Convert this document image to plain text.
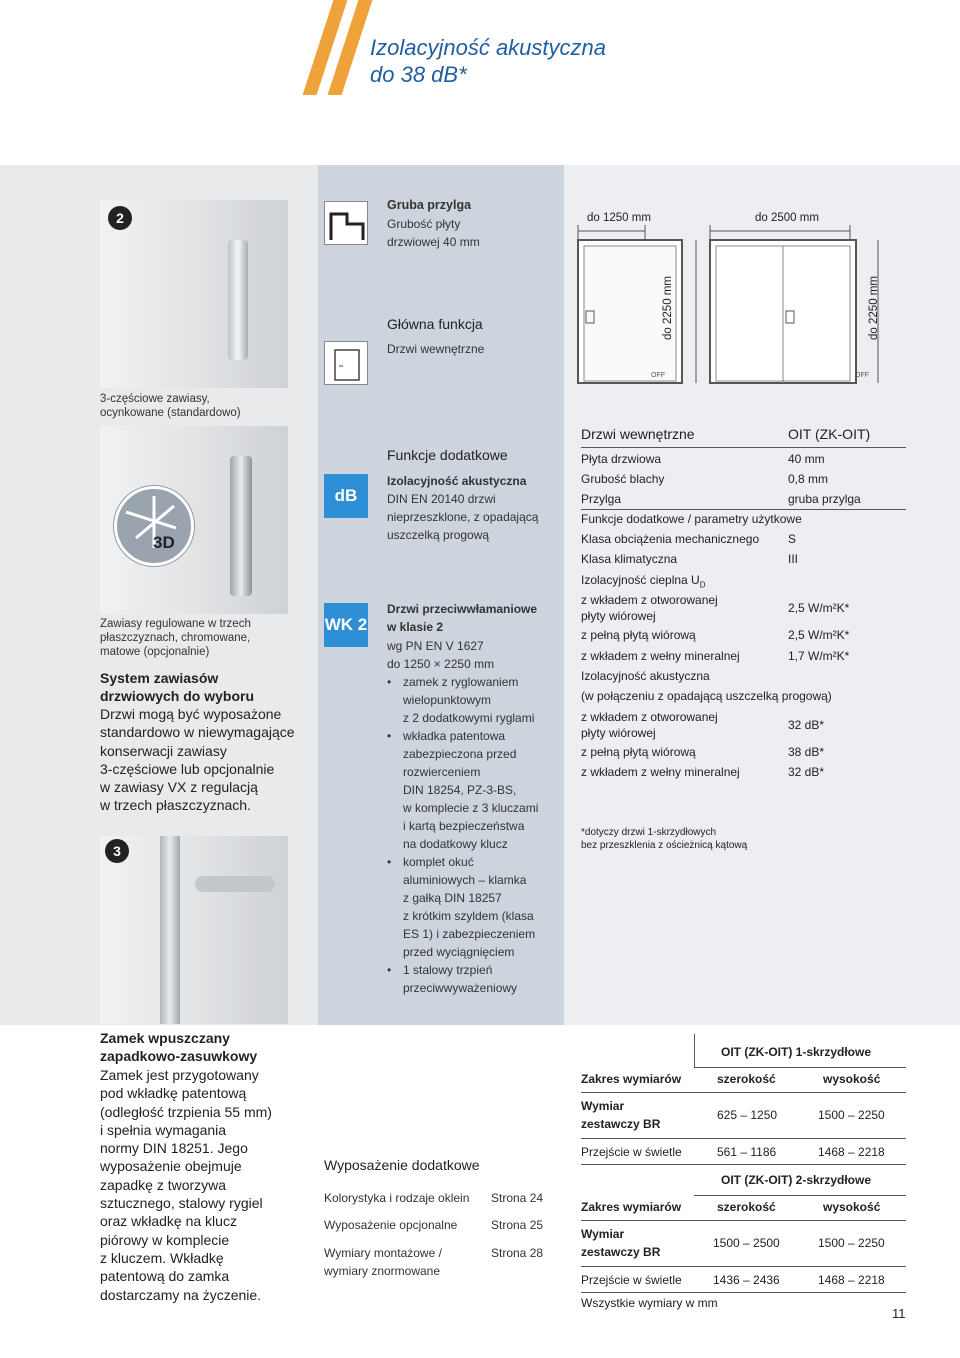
Izolacyjność akustyczna
do 38 dB*
2
3-częściowe zawiasy,
ocynkowane (standardowo)
3D
Zawiasy regulowane w trzech
płaszczyznach, chromowane,
matowe (opcjonalnie)
System zawiasów
drzwiowych do wyboru
Drzwi mogą być wyposażone
standardowo w niewymagające
konserwacji zawiasy
3-częściowe lub opcjonalnie
w zawiasy VX z regulacją
w trzech płaszczyznach.
3
Zamek wpuszczany
zapadkowo-zasuwkowy
Zamek jest przygotowany
pod wkładkę patentową
(odległość trzpienia 55 mm)
i spełnia wymagania
normy DIN 18251. Jego
wyposażenie obejmuje
zapadkę z tworzywa
sztucznego, stalowy rygiel
oraz wkładkę na klucz
piórowy w komplecie
z kluczem. Wkładkę
patentową do zamka
dostarczamy na życzenie.
Gruba przylga
Grubość płyty
drzwiowej 40 mm
Główna funkcja
Drzwi wewnętrzne
Funkcje dodatkowe
dB
Izolacyjność akustyczna
DIN EN 20140 drzwi
nieprzeszklone, z opadającą
uszczelką progową
WK 2
Drzwi przeciwwłamaniowe
w klasie 2
wg PN EN V 1627
do 1250 × 2250 mm
• zamek z ryglowaniem
wielopunktowym
z 2 dodatkowymi ryglami
• wkładka patentowa
zabezpieczona przed
rozwierceniem
DIN 18254, PZ-3-BS,
w komplecie z 3 kluczami
i kartą bezpieczeństwa
na dodatkowy klucz
• komplet okuć
aluminiowych – klamka
z gałką DIN 18257
z krótkim szyldem (klasa
ES 1) i zabezpieczeniem
przed wyciągnięciem
• 1 stalowy trzpień
przeciwwyważeniowy
Wyposażenie dodatkowe
Kolorystyka i rodzaje oklein Strona 24
Wyposażenie opcjonalne	Strona 25
Wymiary montażowe /
wymiary znormowane
Strona 28
do 1250 mm	do 2500 mm
do 2250 mm	do 2250 mm
OFF	OFF
Drzwi wewnętrzne	OIT (ZK-OIT)
Płyta drzwiowa	40 mm
Grubość blachy	0,8 mm
Przylga	gruba przylga
Funkcje dodatkowe / parametry użytkowe
Klasa obciążenia mechanicznego S
Klasa klimatyczna	III
Izolacyjność cieplna $U_D$
z wkładem z otworowanej
płyty wiórowej
2,5 W/m²K*
z pełną płytą wiórową	2,5 W/m²K*
z wkładem z wełny mineralnej	1,7 W/m²K*
Izolacyjność akustyczna
(w połączeniu z opadającą uszczelką progową)
z wkładem z otworowanej
płyty wiórowej
32 dB*
z pełną płytą wiórową	38 dB*
z wkładem z wełny mineralnej	32 dB*
*dotyczy drzwi 1-skrzydłowych
bez przeszklenia z ościeżnicą kątową
OIT (ZK-OIT) 1-skrzydłowe
Zakres wymiarów	szerokość	wysokość
Wymiar
zestawczy BR
625 – 1250	1500 – 2250
Przejście w świetle	561 – 1186	1468 – 2218
OIT (ZK-OIT) 2-skrzydłowe
Zakres wymiarów	szerokość	wysokość
Wymiar
zestawczy BR
1500 – 2500	1500 – 2250
Przejście w świetle	1436 – 2436	1468 – 2218
Wszystkie wymiary w mm
11
